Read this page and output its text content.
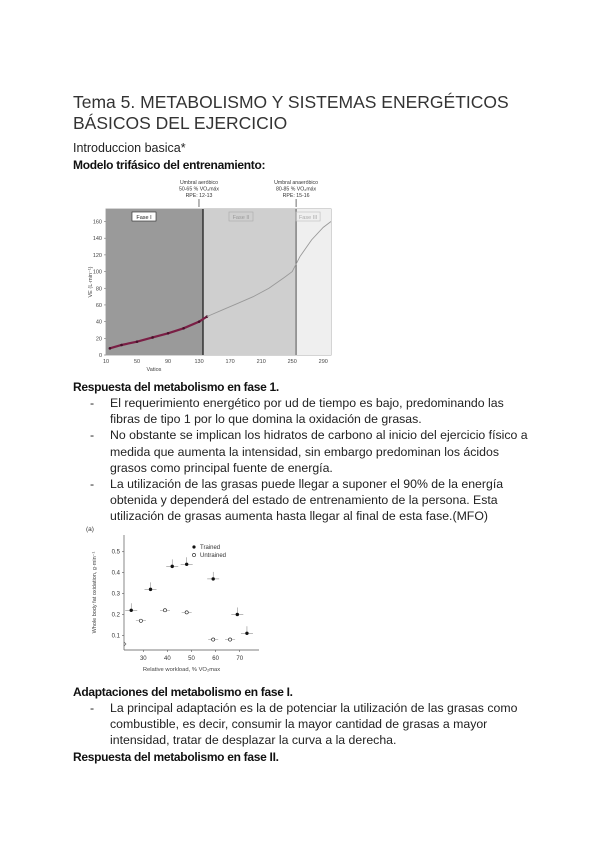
Tema 5. METABOLISMO Y SISTEMAS ENERGÉTICOS BÁSICOS DEL EJERCICIO
Introduccion basica*
Modelo trifásico del entrenamiento:
0
20
40
60
80
100
120
140
160
10	50	90	130	170	210	250	290
Vatios
VE (L·min⁻¹)
Fase I	Fase II	Fase III
Umbral aeróbico
50-65 % VO₂máx
RPE: 12-13
Umbral anaeróbico
80-85 % VO₂máx
RPE: 15-16
Respuesta del metabolismo en fase 1.
- El requerimiento energético por ud de tiempo es bajo, predominando las fibras de tipo 1 por lo que domina la oxidación de grasas.
- No obstante se implican los hidratos de carbono al inicio del ejercicio físico a medida que aumenta la intensidad, sin embargo predominan los ácidos grasos como principal fuente de energía.
- La utilización de las grasas puede llegar a suponer el 90% de la energía obtenida y dependerá del estado de entrenamiento de la persona. Esta utilización de grasas aumenta hasta llegar al final de esta fase.(MFO)
(a)
0.1
0.2
0.3
0.4
0.5
30	40	50	60	70
Relative workload, % VO₂max
Whole body fat oxidation, g·min⁻¹
Trained
Untrained
Adaptaciones del metabolismo en fase I.
- La principal adaptación es la de potenciar la utilización de las grasas como combustible, es decir, consumir la mayor cantidad de grasas a mayor intensidad, tratar de desplazar la curva a la derecha.
Respuesta del metabolismo en fase II.
